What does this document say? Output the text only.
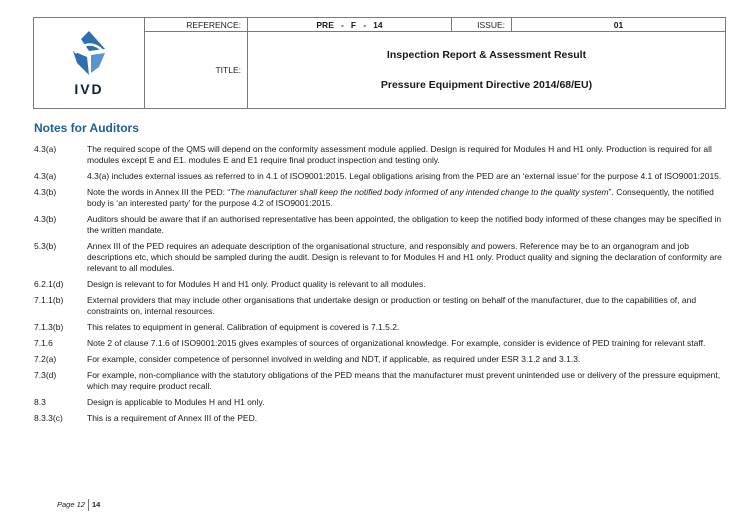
IVD	REFERENCE:	PRE - F - 14	ISSUE:	01
	TITLE:	Inspection Report & Assessment Result
Pressure Equipment Directive 2014/68/EU)		
Notes for Auditors
4.3(a)	The required scope of the QMS will depend on the conformity assessment module applied. Design is required for Modules H and H1 only. Production is required for all modules except E and E1. modules E and E1 require final product inspection and testing only.
4.3(a)	4.3(a) includes external issues as referred to in 4.1 of ISO9001:2015. Legal obligations arising from the PED are an ‘external issue’ for the purpose 4.1 of ISO9001:2015.
4.3(b)	Note the words in Annex III the PED: “The manufacturer shall keep the notified body informed of any intended change to the quality system”. Consequently, the notified body is ‘an interested party’ for the purpose 4.2 of ISO9001:2015.
4.3(b)	Auditors should be aware that if an authorised representative has been appointed, the obligation to keep the notified body informed of these changes may be specified in the written mandate.
5.3(b)	Annex III of the PED requires an adequate description of the organisational structure, and responsibly and powers. Reference may be to an organogram and job descriptions etc, which should be sampled during the audit. Design is relevant to for Modules H and H1 only. Product quality and signing the declaration of conformity are relevant to all modules.
6.2.1(d)	Design is relevant to for Modules H and H1 only. Product quality is relevant to all modules.
7.1.1(b)	External providers that may include other organisations that undertake design or production or testing on behalf of the manufacturer, due to the capabilities of, and constraints on, internal resources.
7.1.3(b)	This relates to equipment in general. Calibration of equipment is covered is 7.1.5.2.
7.1.6	Note 2 of clause 7.1.6 of ISO9001:2015 gives examples of sources of organizational knowledge. For example, consider is evidence of PED training for relevant staff.
7.2(a)	For example, consider competence of personnel involved in welding and NDT, if applicable, as required under ESR 3.1.2 and 3.1.3.
7.3(d)	For example, non-compliance with the statutory obligations of the PED means that the manufacturer must prevent unintended use or delivery of the pressure equipment, which may require product recall.
8.3	Design is applicable to Modules H and H1 only.
8.3.3(c)	This is a requirement of Annex III of the PED.
Page 12 14
